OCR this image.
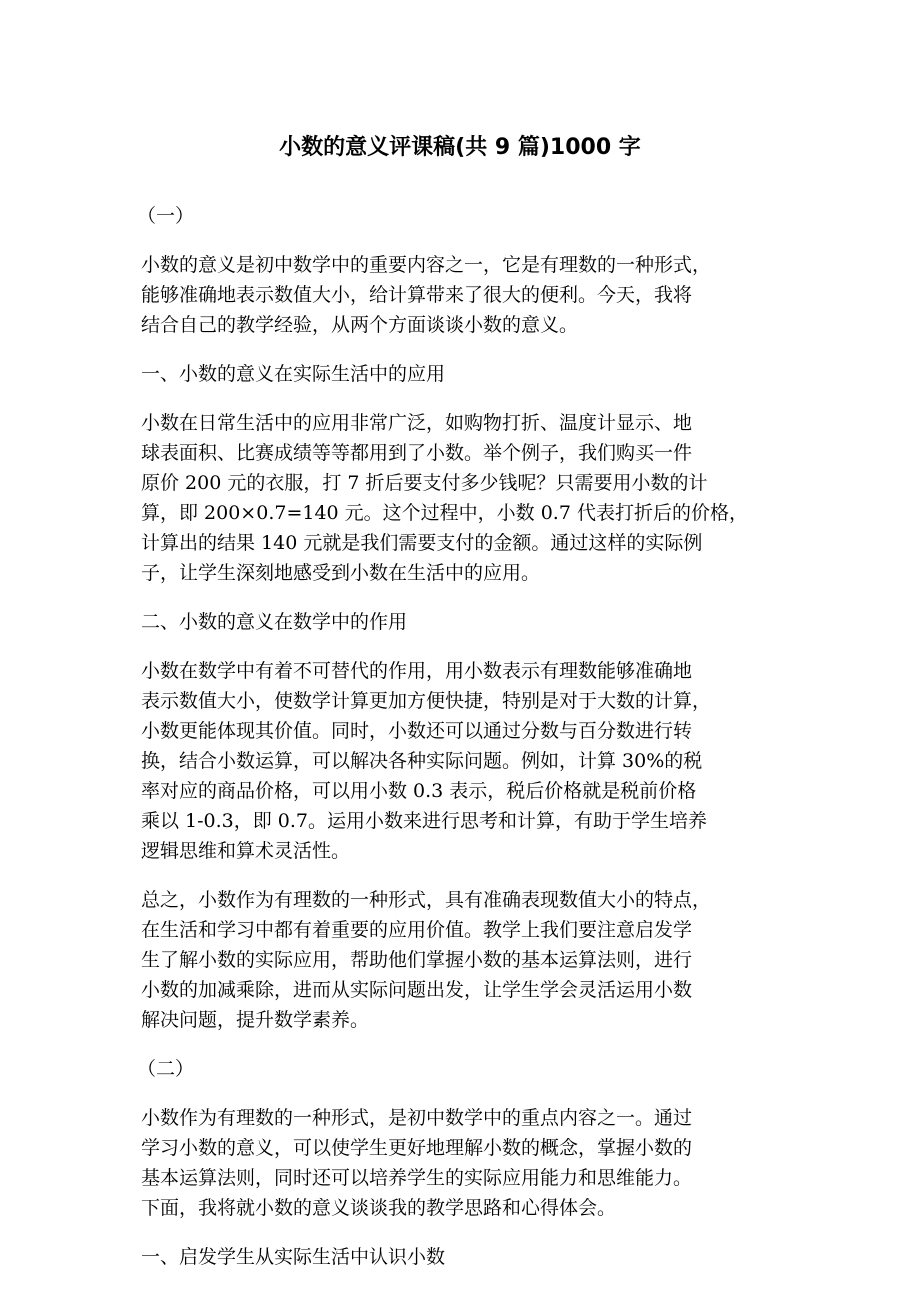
小数的意义评课稿(共 9 篇)1000 字
（一）
小数的意义是初中数学中的重要内容之一，它是有理数的一种形式，
能够准确地表示数值大小，给计算带来了很大的便利。今天，我将
结合自己的教学经验，从两个方面谈谈小数的意义。
一、小数的意义在实际生活中的应用
小数在日常生活中的应用非常广泛，如购物打折、温度计显示、地
球表面积、比赛成绩等等都用到了小数。举个例子，我们购买一件
原价 200 元的衣服，打 7 折后要支付多少钱呢？只需要用小数的计
算，即 200×0.7=140 元。这个过程中，小数 0.7 代表打折后的价格，
计算出的结果 140 元就是我们需要支付的金额。通过这样的实际例
子，让学生深刻地感受到小数在生活中的应用。
二、小数的意义在数学中的作用
小数在数学中有着不可替代的作用，用小数表示有理数能够准确地
表示数值大小，使数学计算更加方便快捷，特别是对于大数的计算，
小数更能体现其价值。同时，小数还可以通过分数与百分数进行转
换，结合小数运算，可以解决各种实际问题。例如，计算 30%的税
率对应的商品价格，可以用小数 0.3 表示，税后价格就是税前价格
乘以 1-0.3，即 0.7。运用小数来进行思考和计算，有助于学生培养
逻辑思维和算术灵活性。
总之，小数作为有理数的一种形式，具有准确表现数值大小的特点，
在生活和学习中都有着重要的应用价值。教学上我们要注意启发学
生了解小数的实际应用，帮助他们掌握小数的基本运算法则，进行
小数的加减乘除，进而从实际问题出发，让学生学会灵活运用小数
解决问题，提升数学素养。
（二）
小数作为有理数的一种形式，是初中数学中的重点内容之一。通过
学习小数的意义，可以使学生更好地理解小数的概念，掌握小数的
基本运算法则，同时还可以培养学生的实际应用能力和思维能力。
下面，我将就小数的意义谈谈我的教学思路和心得体会。
一、启发学生从实际生活中认识小数
